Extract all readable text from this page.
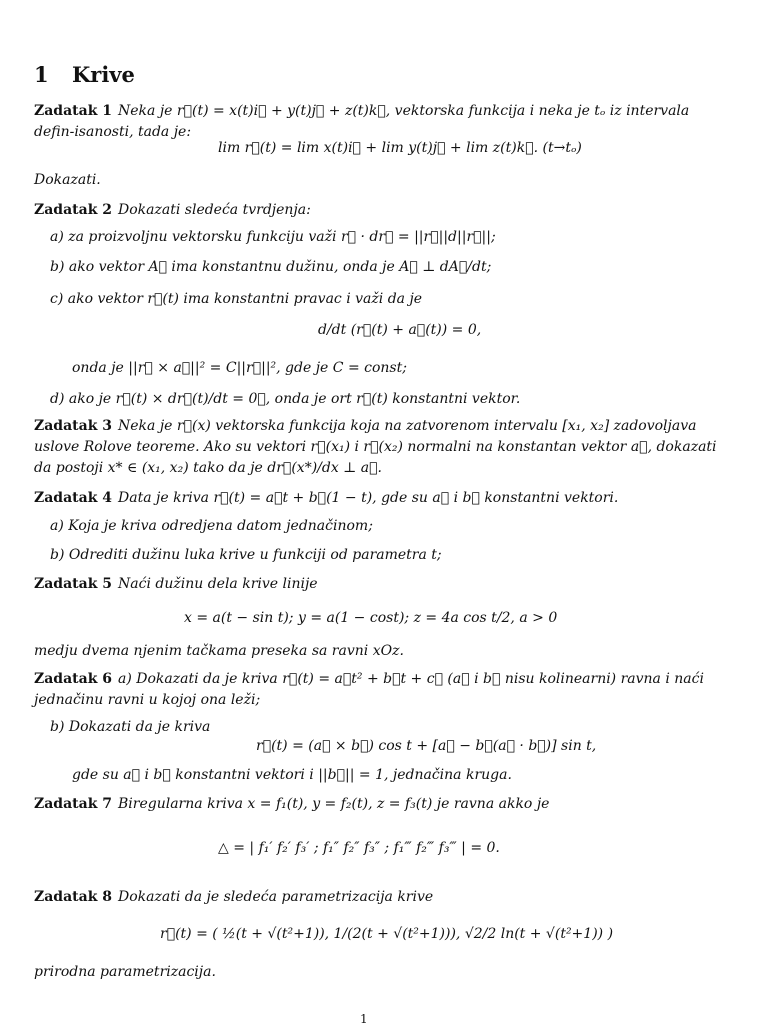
1 Krive
Zadatak 1 Neka je r⃗(t) = x(t)i⃗ + y(t)j⃗ + z(t)k⃗, vektorska funkcija i neka je tₒ iz intervala defin-isanosti, tada je:
lim r⃗(t) = lim x(t)i⃗ + lim y(t)j⃗ + lim z(t)k⃗. (t→tₒ)
Dokazati.
Zadatak 2 Dokazati sledeća tvrdjenja:
a) za proizvoljnu vektorsku funkciju važi r⃗ · dr⃗ = ||r⃗||d||r⃗||;
b) ako vektor A⃗ ima konstantnu dužinu, onda je A⃗ ⊥ dA⃗/dt;
c) ako vektor r⃗(t) ima konstantni pravac i važi da je
d/dt (r⃗(t) + a⃗(t)) = 0,
onda je ||r⃗ × a⃗||² = C||r⃗||², gde je C = const;
d) ako je r⃗(t) × dr⃗(t)/dt = 0⃗, onda je ort r⃗(t) konstantni vektor.
Zadatak 3 Neka je r⃗(x) vektorska funkcija koja na zatvorenom intervalu [x₁, x₂] zadovoljava uslove Rolove teoreme. Ako su vektori r⃗(x₁) i r⃗(x₂) normalni na konstantan vektor a⃗, dokazati da postoji x* ∈ (x₁, x₂) tako da je dr⃗(x*)/dx ⊥ a⃗.
Zadatak 4 Data je kriva r⃗(t) = a⃗t + b⃗(1 − t), gde su a⃗ i b⃗ konstantni vektori.
a) Koja je kriva odredjena datom jednačinom;
b) Odrediti dužinu luka krive u funkciji od parametra t;
Zadatak 5 Naći dužinu dela krive linije
x = a(t − sin t); y = a(1 − cost); z = 4a cos t/2, a > 0
medju dvema njenim tačkama preseka sa ravni xOz.
Zadatak 6 a) Dokazati da je kriva r⃗(t) = a⃗t² + b⃗t + c⃗ (a⃗ i b⃗ nisu kolinearni) ravna i naći jednačinu ravni u kojoj ona leži;
b) Dokazati da je kriva
r⃗(t) = (a⃗ × b⃗) cos t + [a⃗ − b⃗(a⃗ · b⃗)] sin t,
gde su a⃗ i b⃗ konstantni vektori i ||b⃗|| = 1, jednačina kruga.
Zadatak 7 Biregularna kriva x = f₁(t), y = f₂(t), z = f₃(t) je ravna akko je
△ = | f₁′ f₂′ f₃′ ; f₁″ f₂″ f₃″ ; f₁‴ f₂‴ f₃‴ | = 0.
Zadatak 8 Dokazati da je sledeća parametrizacija krive
r⃗(t) = ( ½(t + √(t²+1)), 1/(2(t + √(t²+1))), √2/2 ln(t + √(t²+1)) )
prirodna parametrizacija.
1
